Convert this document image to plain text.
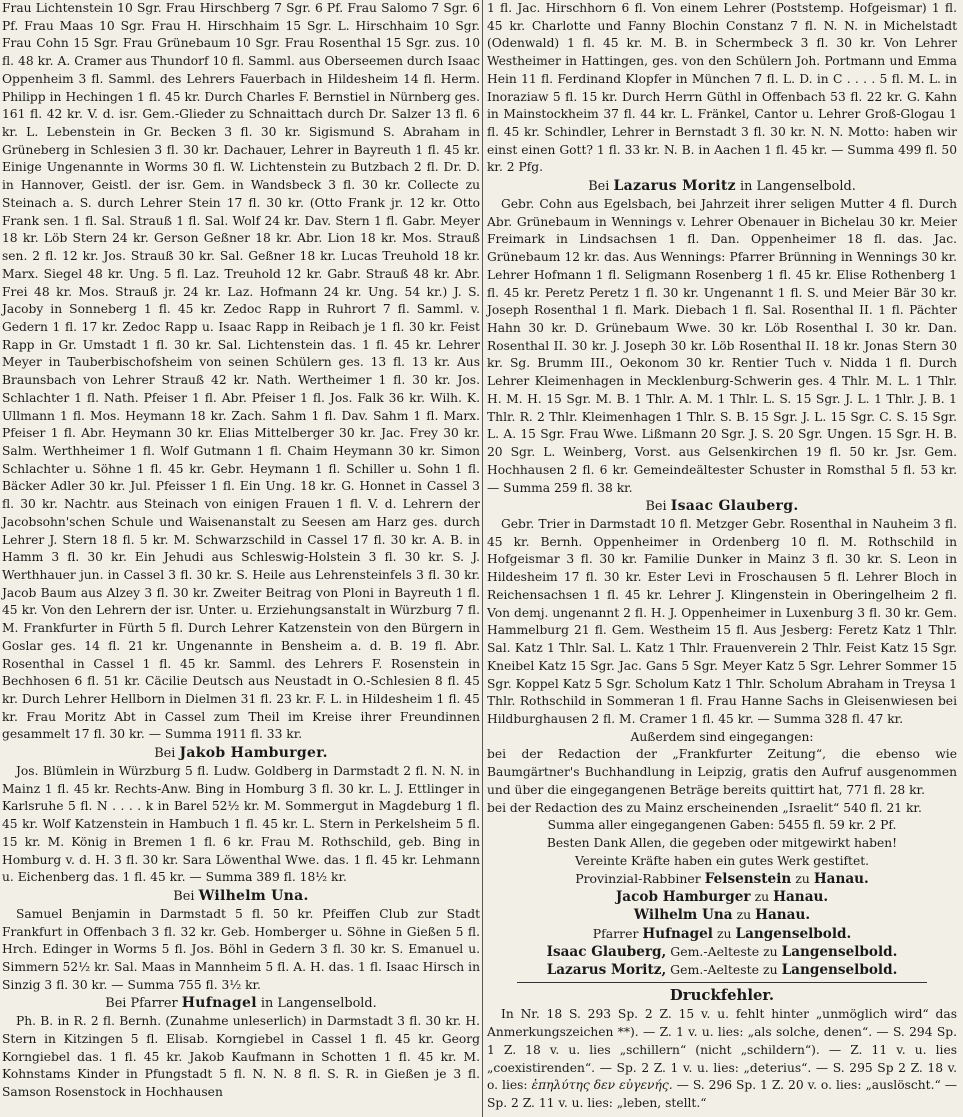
Frau Lichtenstein 10 Sgr. Frau Hirschberg 7 Sgr. 6 Pf. Frau Salomo 7 Sgr. 6 Pf. Frau Maas 10 Sgr. Frau H. Hirschhaim 15 Sgr. L. Hirschhaim 10 Sgr. Frau Cohn 15 Sgr. Frau Grünebaum 10 Sgr. Frau Rosenthal 15 Sgr. zus. 10 fl. 48 kr. A. Cramer aus Thundorf 10 fl. Samml. aus Oberseemen durch Isaac Oppenheim 3 fl. Samml. des Lehrers Fauerbach in Hildesheim 14 fl. Herm. Philipp in Hechingen 1 fl. 45 kr. Durch Charles F. Bernstiel in Nürnberg ges. 161 fl. 42 kr. V. d. isr. Gem.-Glieder zu Schnaittach durch Dr. Salzer 13 fl. 6 kr. L. Lebenstein in Gr. Becken 3 fl. 30 kr. Sigismund S. Abraham in Grüneberg in Schlesien 3 fl. 30 kr. Dachauer, Lehrer in Bayreuth 1 fl. 45 kr. Einige Ungenannte in Worms 30 fl. W. Lichtenstein zu Butzbach 2 fl. Dr. D. in Hannover, Geistl. der isr. Gem. in Wandsbeck 3 fl. 30 kr. Collecte zu Steinach a. S. durch Lehrer Stein 17 fl. 30 kr. (Otto Frank jr. 12 kr. Otto Frank sen. 1 fl. Sal. Strauß 1 fl. Sal. Wolf 24 kr. Dav. Stern 1 fl. Gabr. Meyer 18 kr. Löb Stern 24 kr. Gerson Geßner 18 kr. Abr. Lion 18 kr. Mos. Strauß sen. 2 fl. 12 kr. Jos. Strauß 30 kr. Sal. Geßner 18 kr. Lucas Treuhold 18 kr. Marx. Siegel 48 kr. Ung. 5 fl. Laz. Treuhold 12 kr. Gabr. Strauß 48 kr. Abr. Frei 48 kr. Mos. Strauß jr. 24 kr. Laz. Hofmann 24 kr. Ung. 54 kr.) J. S. Jacoby in Sonneberg 1 fl. 45 kr. Zedoc Rapp in Ruhrort 7 fl. Samml. v. Gedern 1 fl. 17 kr. Zedoc Rapp u. Isaac Rapp in Reibach je 1 fl. 30 kr. Feist Rapp in Gr. Umstadt 1 fl. 30 kr. Sal. Lichtenstein das. 1 fl. 45 kr. Lehrer Meyer in Tauberbischofsheim von seinen Schülern ges. 13 fl. 13 kr. Aus Braunsbach von Lehrer Strauß 42 kr. Nath. Wertheimer 1 fl. 30 kr. Jos. Schlachter 1 fl. Nath. Pfeiser 1 fl. Abr. Pfeiser 1 fl. Jos. Falk 36 kr. Wilh. K. Ullmann 1 fl. Mos. Heymann 18 kr. Zach. Sahm 1 fl. Dav. Sahm 1 fl. Marx. Pfeiser 1 fl. Abr. Heymann 30 kr. Elias Mittelberger 30 kr. Jac. Frey 30 kr. Salm. Werthheimer 1 fl. Wolf Gutmann 1 fl. Chaim Heymann 30 kr. Simon Schlachter u. Söhne 1 fl. 45 kr. Gebr. Heymann 1 fl. Schiller u. Sohn 1 fl. Bäcker Adler 30 kr. Jul. Pfeisser 1 fl. Ein Ung. 18 kr. G. Honnet in Cassel 3 fl. 30 kr. Nachtr. aus Steinach von einigen Frauen 1 fl. V. d. Lehrern der Jacobsohn'schen Schule und Waisenanstalt zu Seesen am Harz ges. durch Lehrer J. Stern 18 fl. 5 kr. M. Schwarzschild in Cassel 17 fl. 30 kr. A. B. in Hamm 3 fl. 30 kr. Ein Jehudi aus Schleswig-Holstein 3 fl. 30 kr. S. J. Werthhauer jun. in Cassel 3 fl. 30 kr. S. Heile aus Lehrensteinfels 3 fl. 30 kr. Jacob Baum aus Alzey 3 fl. 30 kr. Zweiter Beitrag von Ploni in Bayreuth 1 fl. 45 kr. Von den Lehrern der isr. Unter. u. Erziehungsanstalt in Würzburg 7 fl. M. Frankfurter in Fürth 5 fl. Durch Lehrer Katzenstein von den Bürgern in Goslar ges. 14 fl. 21 kr. Ungenannte in Bensheim a. d. B. 19 fl. Abr. Rosenthal in Cassel 1 fl. 45 kr. Samml. des Lehrers F. Rosenstein in Bechhosen 6 fl. 51 kr. Cäcilie Deutsch aus Neustadt in O.-Schlesien 8 fl. 45 kr. Durch Lehrer Hellborn in Dielmen 31 fl. 23 kr. F. L. in Hildesheim 1 fl. 45 kr. Frau Moritz Abt in Cassel zum Theil im Kreise ihrer Freundinnen gesammelt 17 fl. 30 kr. — Summa 1911 fl. 33 kr.

Bei Jakob Hamburger.

Jos. Blümlein in Würzburg 5 fl. Ludw. Goldberg in Darmstadt 2 fl. N. N. in Mainz 1 fl. 45 kr. Rechts-Anw. Bing in Homburg 3 fl. 30 kr. L. J. Ettlinger in Karlsruhe 5 fl. N . . . . k in Barel 52½ kr. M. Sommergut in Magdeburg 1 fl. 45 kr. Wolf Katzenstein in Hambuch 1 fl. 45 kr. L. Stern in Perkelsheim 5 fl. 15 kr. M. König in Bremen 1 fl. 6 kr. Frau M. Rothschild, geb. Bing in Homburg v. d. H. 3 fl. 30 kr. Sara Löwenthal Wwe. das. 1 fl. 45 kr. Lehmann u. Eichenberg das. 1 fl. 45 kr. — Summa 389 fl. 18½ kr.

Bei Wilhelm Una.

Samuel Benjamin in Darmstadt 5 fl. 50 kr. Pfeiffen Club zur Stadt Frankfurt in Offenbach 3 fl. 32 kr. Geb. Homberger u. Söhne in Gießen 5 fl. Hrch. Edinger in Worms 5 fl. Jos. Böhl in Gedern 3 fl. 30 kr. S. Emanuel u. Simmern 52½ kr. Sal. Maas in Mannheim 5 fl. A. H. das. 1 fl. Isaac Hirsch in Sinzig 3 fl. 30 kr. — Summa 755 fl. 3½ kr.

Bei Pfarrer Hufnagel in Langenselbold.

Ph. B. in R. 2 fl. Bernh. (Zunahme unleserlich) in Darmstadt 3 fl. 30 kr. H. Stern in Kitzingen 5 fl. Elisab. Korngiebel in Cassel 1 fl. 45 kr. Georg Korngiebel das. 1 fl. 45 kr. Jakob Kaufmann in Schotten 1 fl. 45 kr. M. Kohnstams Kinder in Pfungstadt 5 fl. N. N. 8 fl. S. R. in Gießen je 3 fl. Samson Rosenstock in Hochhausen

1 fl. Jac. Hirschhorn 6 fl. Von einem Lehrer (Poststemp. Hofgeismar) 1 fl. 45 kr. Charlotte und Fanny Blochin Constanz 7 fl. N. N. in Michelstadt (Odenwald) 1 fl. 45 kr. M. B. in Schermbeck 3 fl. 30 kr. Von Lehrer Westheimer in Hattingen, ges. von den Schülern Joh. Portmann und Emma Hein 11 fl. Ferdinand Klopfer in München 7 fl. L. D. in C . . . . 5 fl. M. L. in Inoraziaw 5 fl. 15 kr. Durch Herrn Güthl in Offenbach 53 fl. 22 kr. G. Kahn in Mainstockheim 37 fl. 44 kr. L. Fränkel, Cantor u. Lehrer Groß-Glogau 1 fl. 45 kr. Schindler, Lehrer in Bernstadt 3 fl. 30 kr. N. N. Motto: haben wir einst einen Gott? 1 fl. 33 kr. N. B. in Aachen 1 fl. 45 kr. — Summa 499 fl. 50 kr. 2 Pfg.

Bei Lazarus Moritz in Langenselbold.

Gebr. Cohn aus Egelsbach, bei Jahrzeit ihrer seligen Mutter 4 fl. Durch Abr. Grünebaum in Wennings v. Lehrer Obenauer in Bichelau 30 kr. Meier Freimark in Lindsachsen 1 fl. Dan. Oppenheimer 18 fl. das. Jac. Grünebaum 12 kr. das. Aus Wennings: Pfarrer Brünning in Wennings 30 kr. Lehrer Hofmann 1 fl. Seligmann Rosenberg 1 fl. 45 kr. Elise Rothenberg 1 fl. 45 kr. Peretz Peretz 1 fl. 30 kr. Ungenannt 1 fl. S. und Meier Bär 30 kr. Joseph Rosenthal 1 fl. Mark. Diebach 1 fl. Sal. Rosenthal II. 1 fl. Pächter Hahn 30 kr. D. Grünebaum Wwe. 30 kr. Löb Rosenthal I. 30 kr. Dan. Rosenthal II. 30 kr. J. Joseph 30 kr. Löb Rosenthal II. 18 kr. Jonas Stern 30 kr. Sg. Brumm III., Oekonom 30 kr. Rentier Tuch v. Nidda 1 fl. Durch Lehrer Kleimenhagen in Mecklenburg-Schwerin ges. 4 Thlr. M. L. 1 Thlr. H. M. H. 15 Sgr. M. B. 1 Thlr. A. M. 1 Thlr. L. S. 15 Sgr. J. L. 1 Thlr. J. B. 1 Thlr. R. 2 Thlr. Kleimenhagen 1 Thlr. S. B. 15 Sgr. J. L. 15 Sgr. C. S. 15 Sgr. L. A. 15 Sgr. Frau Wwe. Lißmann 20 Sgr. J. S. 20 Sgr. Ungen. 15 Sgr. H. B. 20 Sgr. L. Weinberg, Vorst. aus Gelsenkirchen 19 fl. 50 kr. Jsr. Gem. Hochhausen 2 fl. 6 kr. Gemeindeältester Schuster in Romsthal 5 fl. 53 kr. — Summa 259 fl. 38 kr.

Bei Isaac Glauberg.

Gebr. Trier in Darmstadt 10 fl. Metzger Gebr. Rosenthal in Nauheim 3 fl. 45 kr. Bernh. Oppenheimer in Ordenberg 10 fl. M. Rothschild in Hofgeismar 3 fl. 30 kr. Familie Dunker in Mainz 3 fl. 30 kr. S. Leon in Hildesheim 17 fl. 30 kr. Ester Levi in Froschausen 5 fl. Lehrer Bloch in Reichensachsen 1 fl. 45 kr. Lehrer J. Klingenstein in Oberingelheim 2 fl. Von demj. ungenannt 2 fl. H. J. Oppenheimer in Luxenburg 3 fl. 30 kr. Gem. Hammelburg 21 fl. Gem. Westheim 15 fl. Aus Jesberg: Feretz Katz 1 Thlr. Sal. Katz 1 Thlr. Sal. L. Katz 1 Thlr. Frauenverein 2 Thlr. Feist Katz 15 Sgr. Kneibel Katz 15 Sgr. Jac. Gans 5 Sgr. Meyer Katz 5 Sgr. Lehrer Sommer 15 Sgr. Koppel Katz 5 Sgr. Scholum Katz 1 Thlr. Scholum Abraham in Treysa 1 Thlr. Rothschild in Sommeran 1 fl. Frau Hanne Sachs in Gleisenwiesen bei Hildburghausen 2 fl. M. Cramer 1 fl. 45 kr. — Summa 328 fl. 47 kr.

Außerdem sind eingegangen:

bei der Redaction der „Frankfurter Zeitung“, die ebenso wie Baumgärtner's Buchhandlung in Leipzig, gratis den Aufruf ausgenommen und über die eingegangenen Beträge bereits quittirt hat, 771 fl. 28 kr.

bei der Redaction des zu Mainz erscheinenden „Israelit“ 540 fl. 21 kr.

Summa aller eingegangenen Gaben: 5455 fl. 59 kr. 2 Pf.

Besten Dank Allen, die gegeben oder mitgewirkt haben!

Vereinte Kräfte haben ein gutes Werk gestiftet.

Provinzial-Rabbiner Felsenstein zu Hanau.

Jacob Hamburger zu Hanau.

Wilhelm Una zu Hanau.

Pfarrer Hufnagel zu Langenselbold.

Isaac Glauberg, Gem.-Aelteste zu Langenselbold.

Lazarus Moritz, Gem.-Aelteste zu Langenselbold.

Druckfehler.

In Nr. 18 S. 293 Sp. 2 Z. 15 v. u. fehlt hinter „unmöglich wird“ das Anmerkungszeichen **). — Z. 1 v. u. lies: „als solche, denen“. — S. 294 Sp. 1 Z. 18 v. u. lies „schillern“ (nicht „schildern“). — Z. 11 v. u. lies „coexistirenden“. — Sp. 2 Z. 1 v. u. lies: „deterius“. — S. 295 Sp 2 Z. 18 v. o. lies: ἐπηλύτης δεν εὐγενής. — S. 296 Sp. 1 Z. 20 v. o. lies: „auslöscht.“ — Sp. 2 Z. 11 v. u. lies: „leben, stellt.“
